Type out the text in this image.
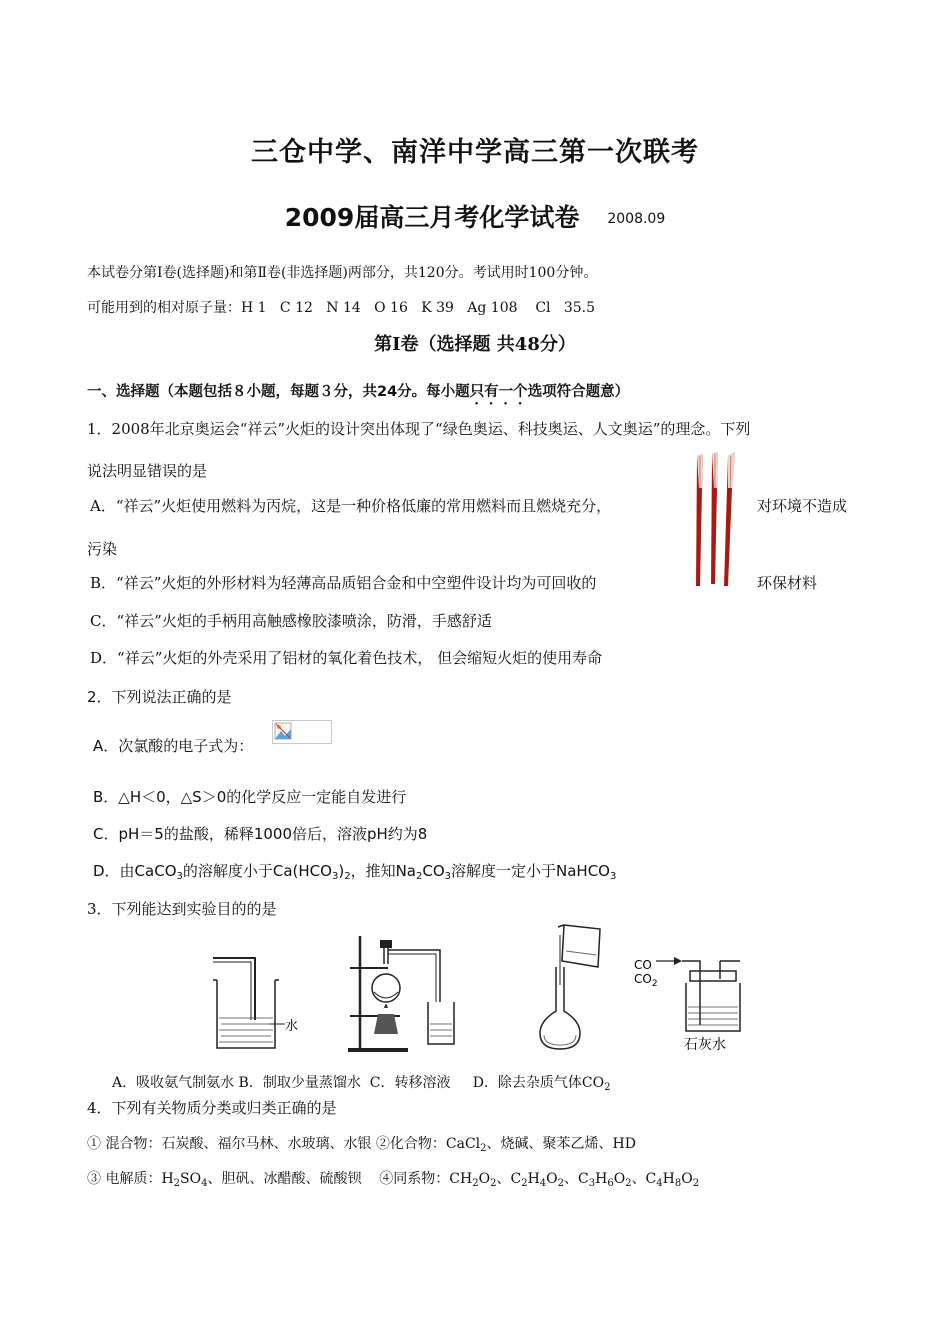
三仓中学、南洋中学高三第一次联考
2009届高三月考化学试卷 2008.09
本试卷分第Ⅰ卷(选择题)和第Ⅱ卷(非选择题)两部分，共120分。考试用时100分钟。
可能用到的相对原子量：H 1   C 12   N 14   O 16   K 39   Ag 108    Cl   35.5
第Ⅰ卷（选择题 共48分）
一、选择题（本题包括８小题，每题３分，共24分。每小题只有一个选项符合题意）
1．2008年北京奥运会“祥云”火炬的设计突出体现了“绿色奥运、科技奥运、人文奥运”的理念。下列
说法明显错误的是
A．“祥云”火炬使用燃料为丙烷，这是一种价格低廉的常用燃料而且燃烧充分，	对环境不造成
污染
B．“祥云”火炬的外形材料为轻薄高品质铝合金和中空塑件设计均为可回收的	环保材料
C．“祥云”火炬的手柄用高触感橡胶漆喷涂，防滑，手感舒适
D．“祥云”火炬的外壳采用了铝材的氧化着色技术， 但会缩短火炬的使用寿命
2．下列说法正确的是
A．次氯酸的电子式为：
B．△H＜0，△S＞0的化学反应一定能自发进行
C．pH＝5的盐酸，稀释1000倍后，溶液pH约为8
D．由CaCO$_3$的溶解度小于$Ca(HCO_3)_2$，推知$Na_2CO_3$溶解度一定小于NaHCO$_3$
3．下列能达到实验目的的是
水
CO
$CO_2$
石灰水
A．吸收氨气制氨水 B．制取少量蒸馏水  C．转移溶液     D．除去杂质气体$CO_2$
4．下列有关物质分类或归类正确的是
① 混合物：石炭酸、福尔马林、水玻璃、水银 ②化合物：CaCl$_2$、烧碱、聚苯乙烯、HD
③ 电解质：$H_2SO_4$、胆矾、冰醋酸、硫酸钡    ④同系物：$CH_2O_2$、$C_2H_4O_2$、$C_3H_6O_2$、$C_4H_8O_2$
